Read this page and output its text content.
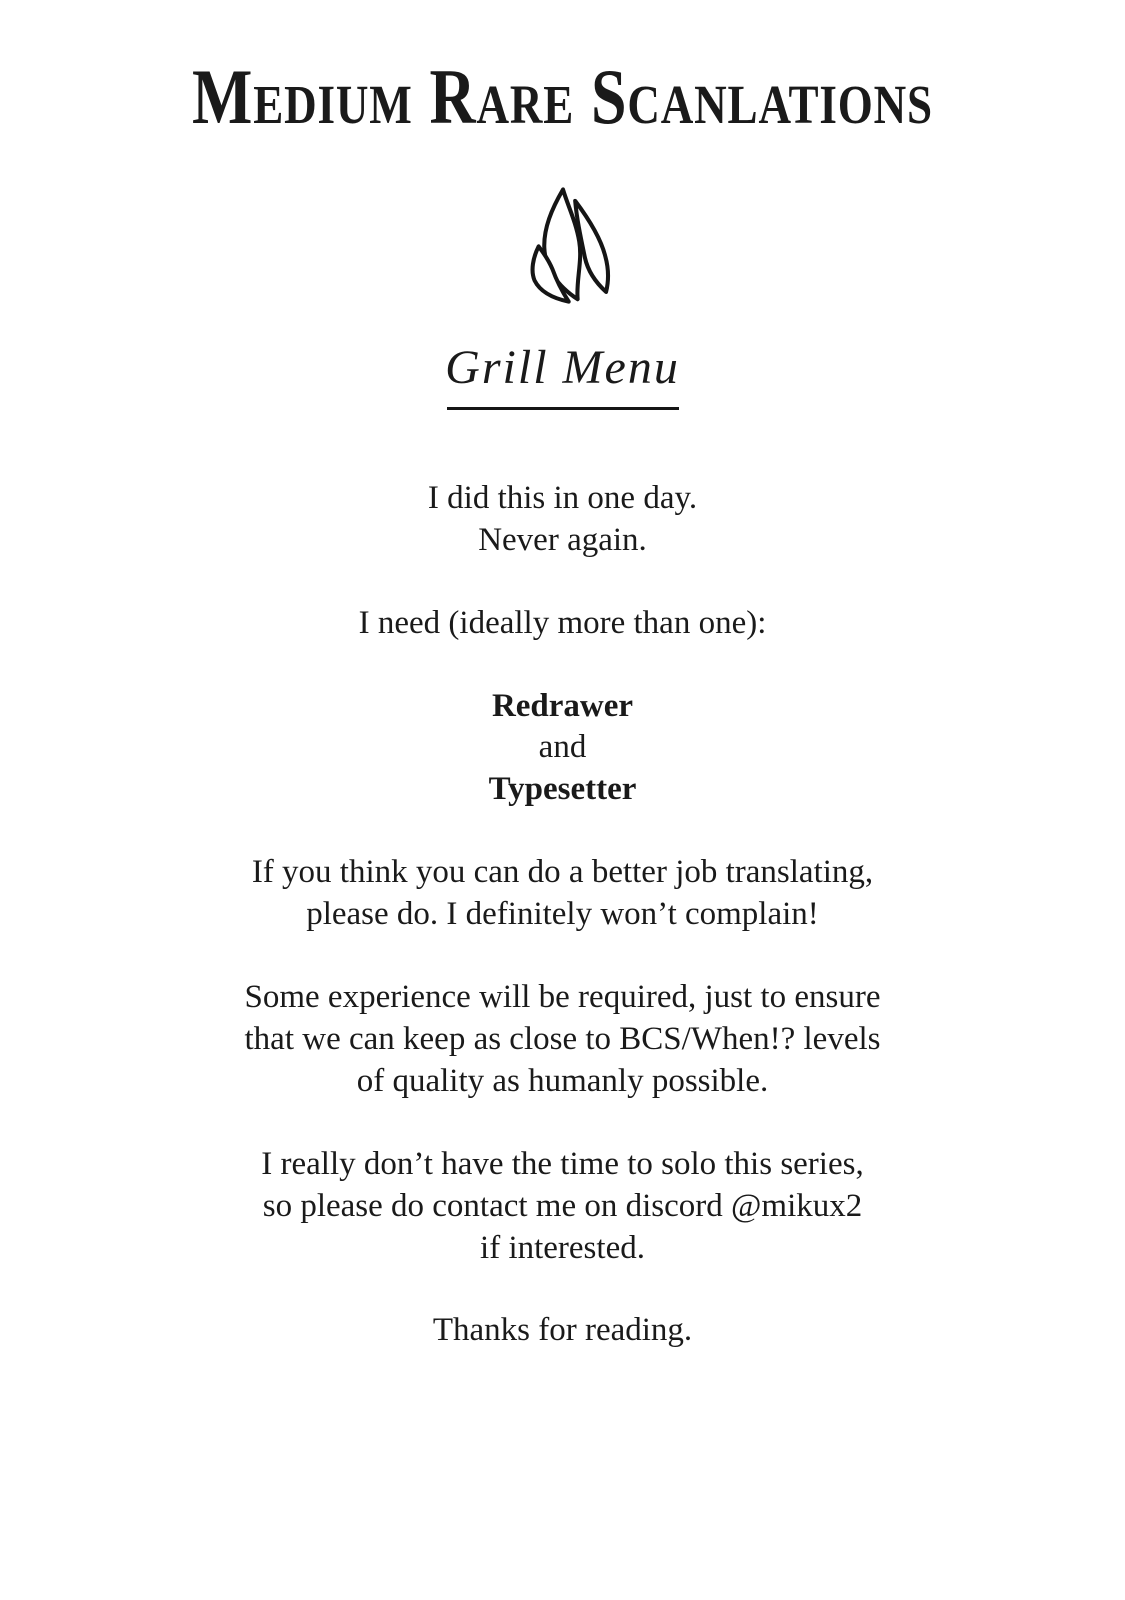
Medium Rare Scanlations
Grill Menu

I did this in one day.
Never again.

I need (ideally more than one):

Redrawer
and
Typesetter

If you think you can do a better job translating,
please do. I definitely won’t complain!

Some experience will be required, just to ensure
that we can keep as close to BCS/When!? levels
of quality as humanly possible.

I really don’t have the time to solo this series,
so please do contact me on discord @mikux2
if interested.

Thanks for reading.
